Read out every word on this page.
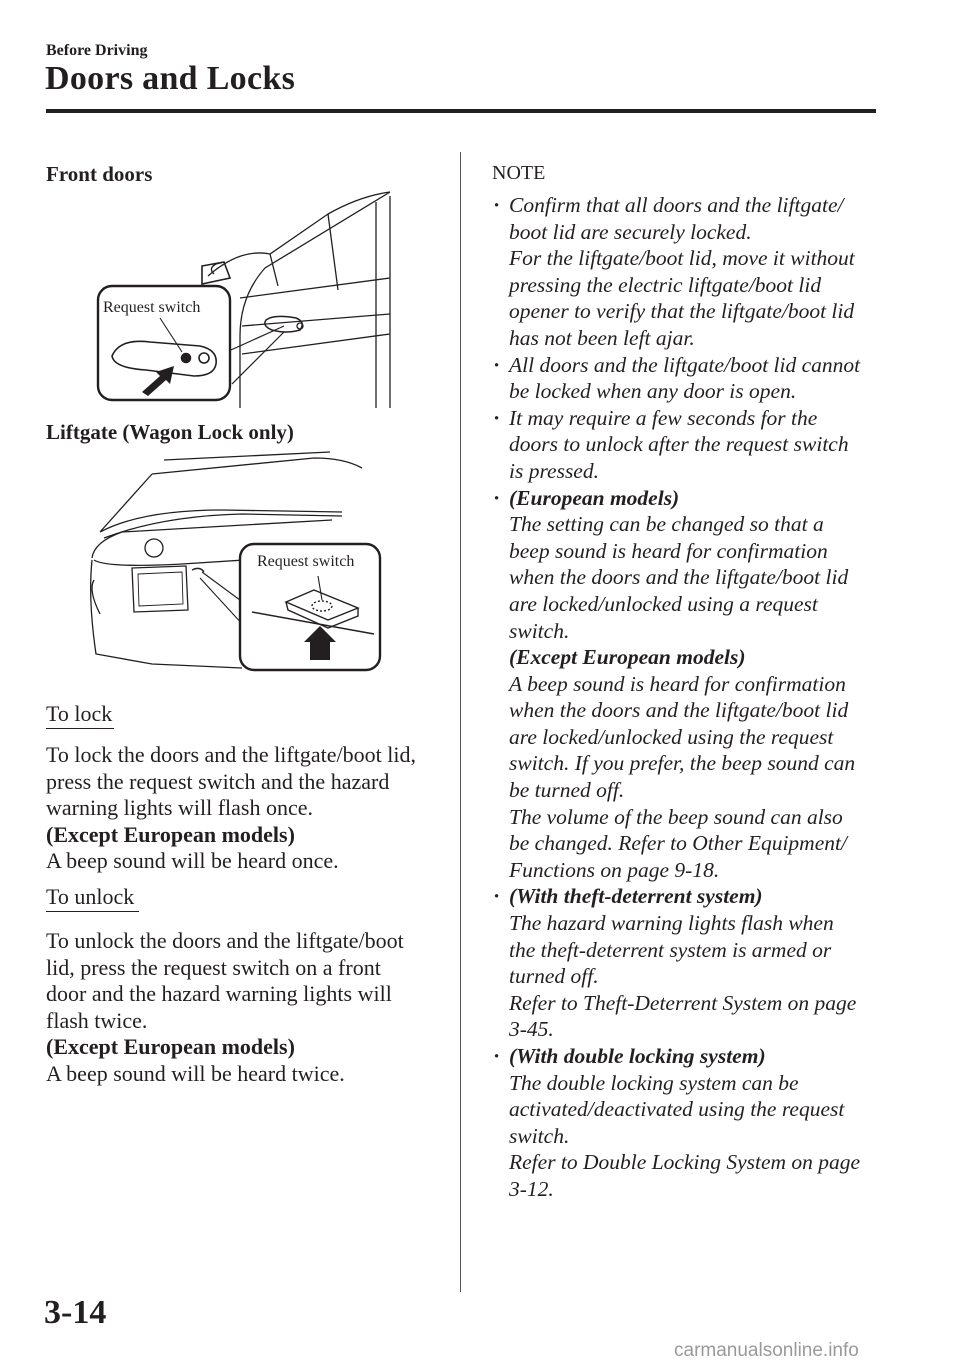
Before Driving
Doors and Locks
Front doors
Request switch
Liftgate (Wagon Lock only)
Request switch
To lock
To lock the doors and the liftgate/boot lid,
press the request switch and the hazard
warning lights will flash once.
(Except European models)
A beep sound will be heard once.
To unlock
To unlock the doors and the liftgate/boot
lid, press the request switch on a front
door and the hazard warning lights will
flash twice.
(Except European models)
A beep sound will be heard twice.
NOTE
· Confirm that all doors and the liftgate/
boot lid are securely locked.
For the liftgate/boot lid, move it without
pressing the electric liftgate/boot lid
opener to verify that the liftgate/boot lid
has not been left ajar.
· All doors and the liftgate/boot lid cannot
be locked when any door is open.
· It may require a few seconds for the
doors to unlock after the request switch
is pressed.
· (European models)
The setting can be changed so that a
beep sound is heard for confirmation
when the doors and the liftgate/boot lid
are locked/unlocked using a request
switch.
(Except European models)
A beep sound is heard for confirmation
when the doors and the liftgate/boot lid
are locked/unlocked using the request
switch. If you prefer, the beep sound can
be turned off.
The volume of the beep sound can also
be changed. Refer to Other Equipment/
Functions on page 9-18.
· (With theft-deterrent system)
The hazard warning lights flash when
the theft-deterrent system is armed or
turned off.
Refer to Theft-Deterrent System on page
3-45.
· (With double locking system)
The double locking system can be
activated/deactivated using the request
switch.
Refer to Double Locking System on page
3-12.
3-14
carmanualsonline.info
